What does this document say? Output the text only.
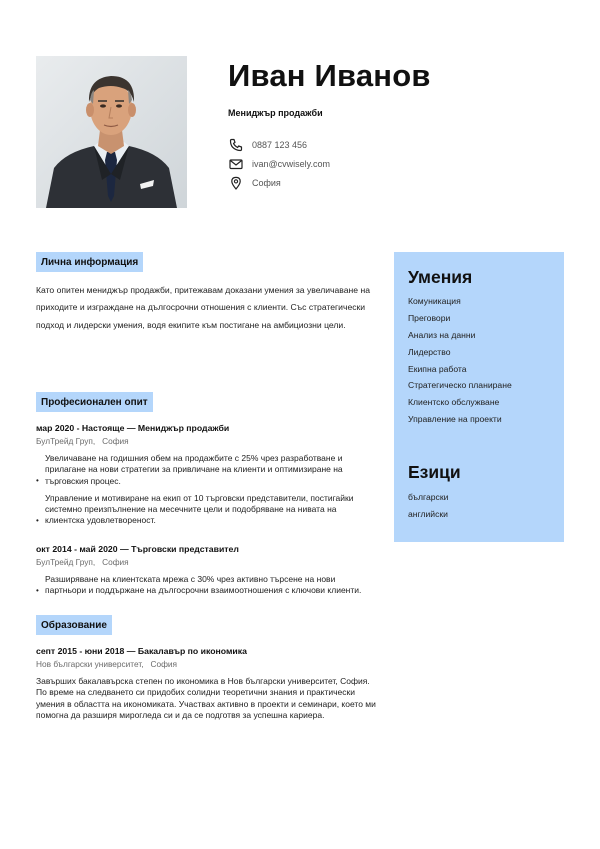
Иван Иванов
Мениджър продажби
0887 123 456
ivan@cvwisely.com
София
Лична информация

Като опитен мениджър продажби, притежавам доказани умения за увеличаване на приходите и изграждане на дългосрочни отношения с клиенти. Със стратегически подход и лидерски умения, водя екипите към постигане на амбициозни цели.

Професионален опит
мар 2020 - Настояще — Мениджър продажби
БулТрейд Груп,   София
•
Увеличаване на годишния обем на продажбите с 25% чрез разработване и прилагане на нови стратегии за привличане на клиенти и оптимизиране на търговския процес.
•
Управление и мотивиране на екип от 10 търговски представители, постигайки системно преизпълнение на месечните цели и подобряване на нивата на клиентска удовлетвореност.
окт 2014 - май 2020 — Търговски представител
БулТрейд Груп,   София
•
Разширяване на клиентската мрежа с 30% чрез активно търсене на нови партньори и поддържане на дългосрочни взаимоотношения с ключови клиенти.
Образование
септ 2015 - юни 2018 — Бакалавър по икономика
Нов български университет,   София

Завърших бакалавърска степен по икономика в Нов български университет, София. По време на следването си придобих солидни теоретични знания и практически умения в областта на икономиката. Участвах активно в проекти и семинари, което ми помогна да разширя мирогледа си и да се подготвя за успешна кариера.

Умения
Комуникация
Преговори
Анализ на данни
Лидерство
Екипна работа
Стратегическо планиране
Клиентско обслужване
Управление на проекти
Езици
български
английски
